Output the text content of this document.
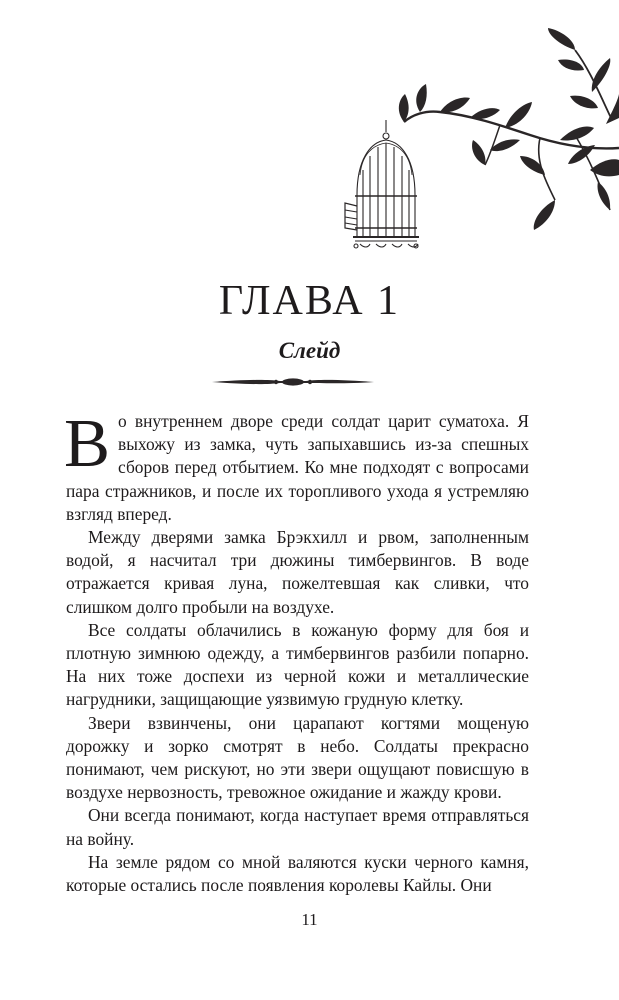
ГЛАВА 1
Слейд

Во внутреннем дворе среди солдат царит суматоха. Я выхожу из замка, чуть запыхавшись из-за спешных сборов перед отбытием. Ко мне подходят с вопросами пара стражников, и после их торопливого ухода я устремляю взгляд вперед.

Между дверями замка Брэкхилл и рвом, заполненным водой, я насчитал три дюжины тимбервингов. В воде отражается кривая луна, пожелтевшая как сливки, что слишком долго пробыли на воздухе.

Все солдаты облачились в кожаную форму для боя и плотную зимнюю одежду, а тимбервингов разбили попарно. На них тоже доспехи из черной кожи и металлические нагрудники, защищающие уязвимую грудную клетку.

Звери взвинчены, они царапают когтями мощеную дорожку и зорко смотрят в небо. Солдаты прекрасно понимают, чем рискуют, но эти звери ощущают повисшую в воздухе нервозность, тревожное ожидание и жажду крови.

Они всегда понимают, когда наступает время отправляться на войну.

На земле рядом со мной валяются куски черного камня, которые остались после появления королевы Кайлы. Они

11
